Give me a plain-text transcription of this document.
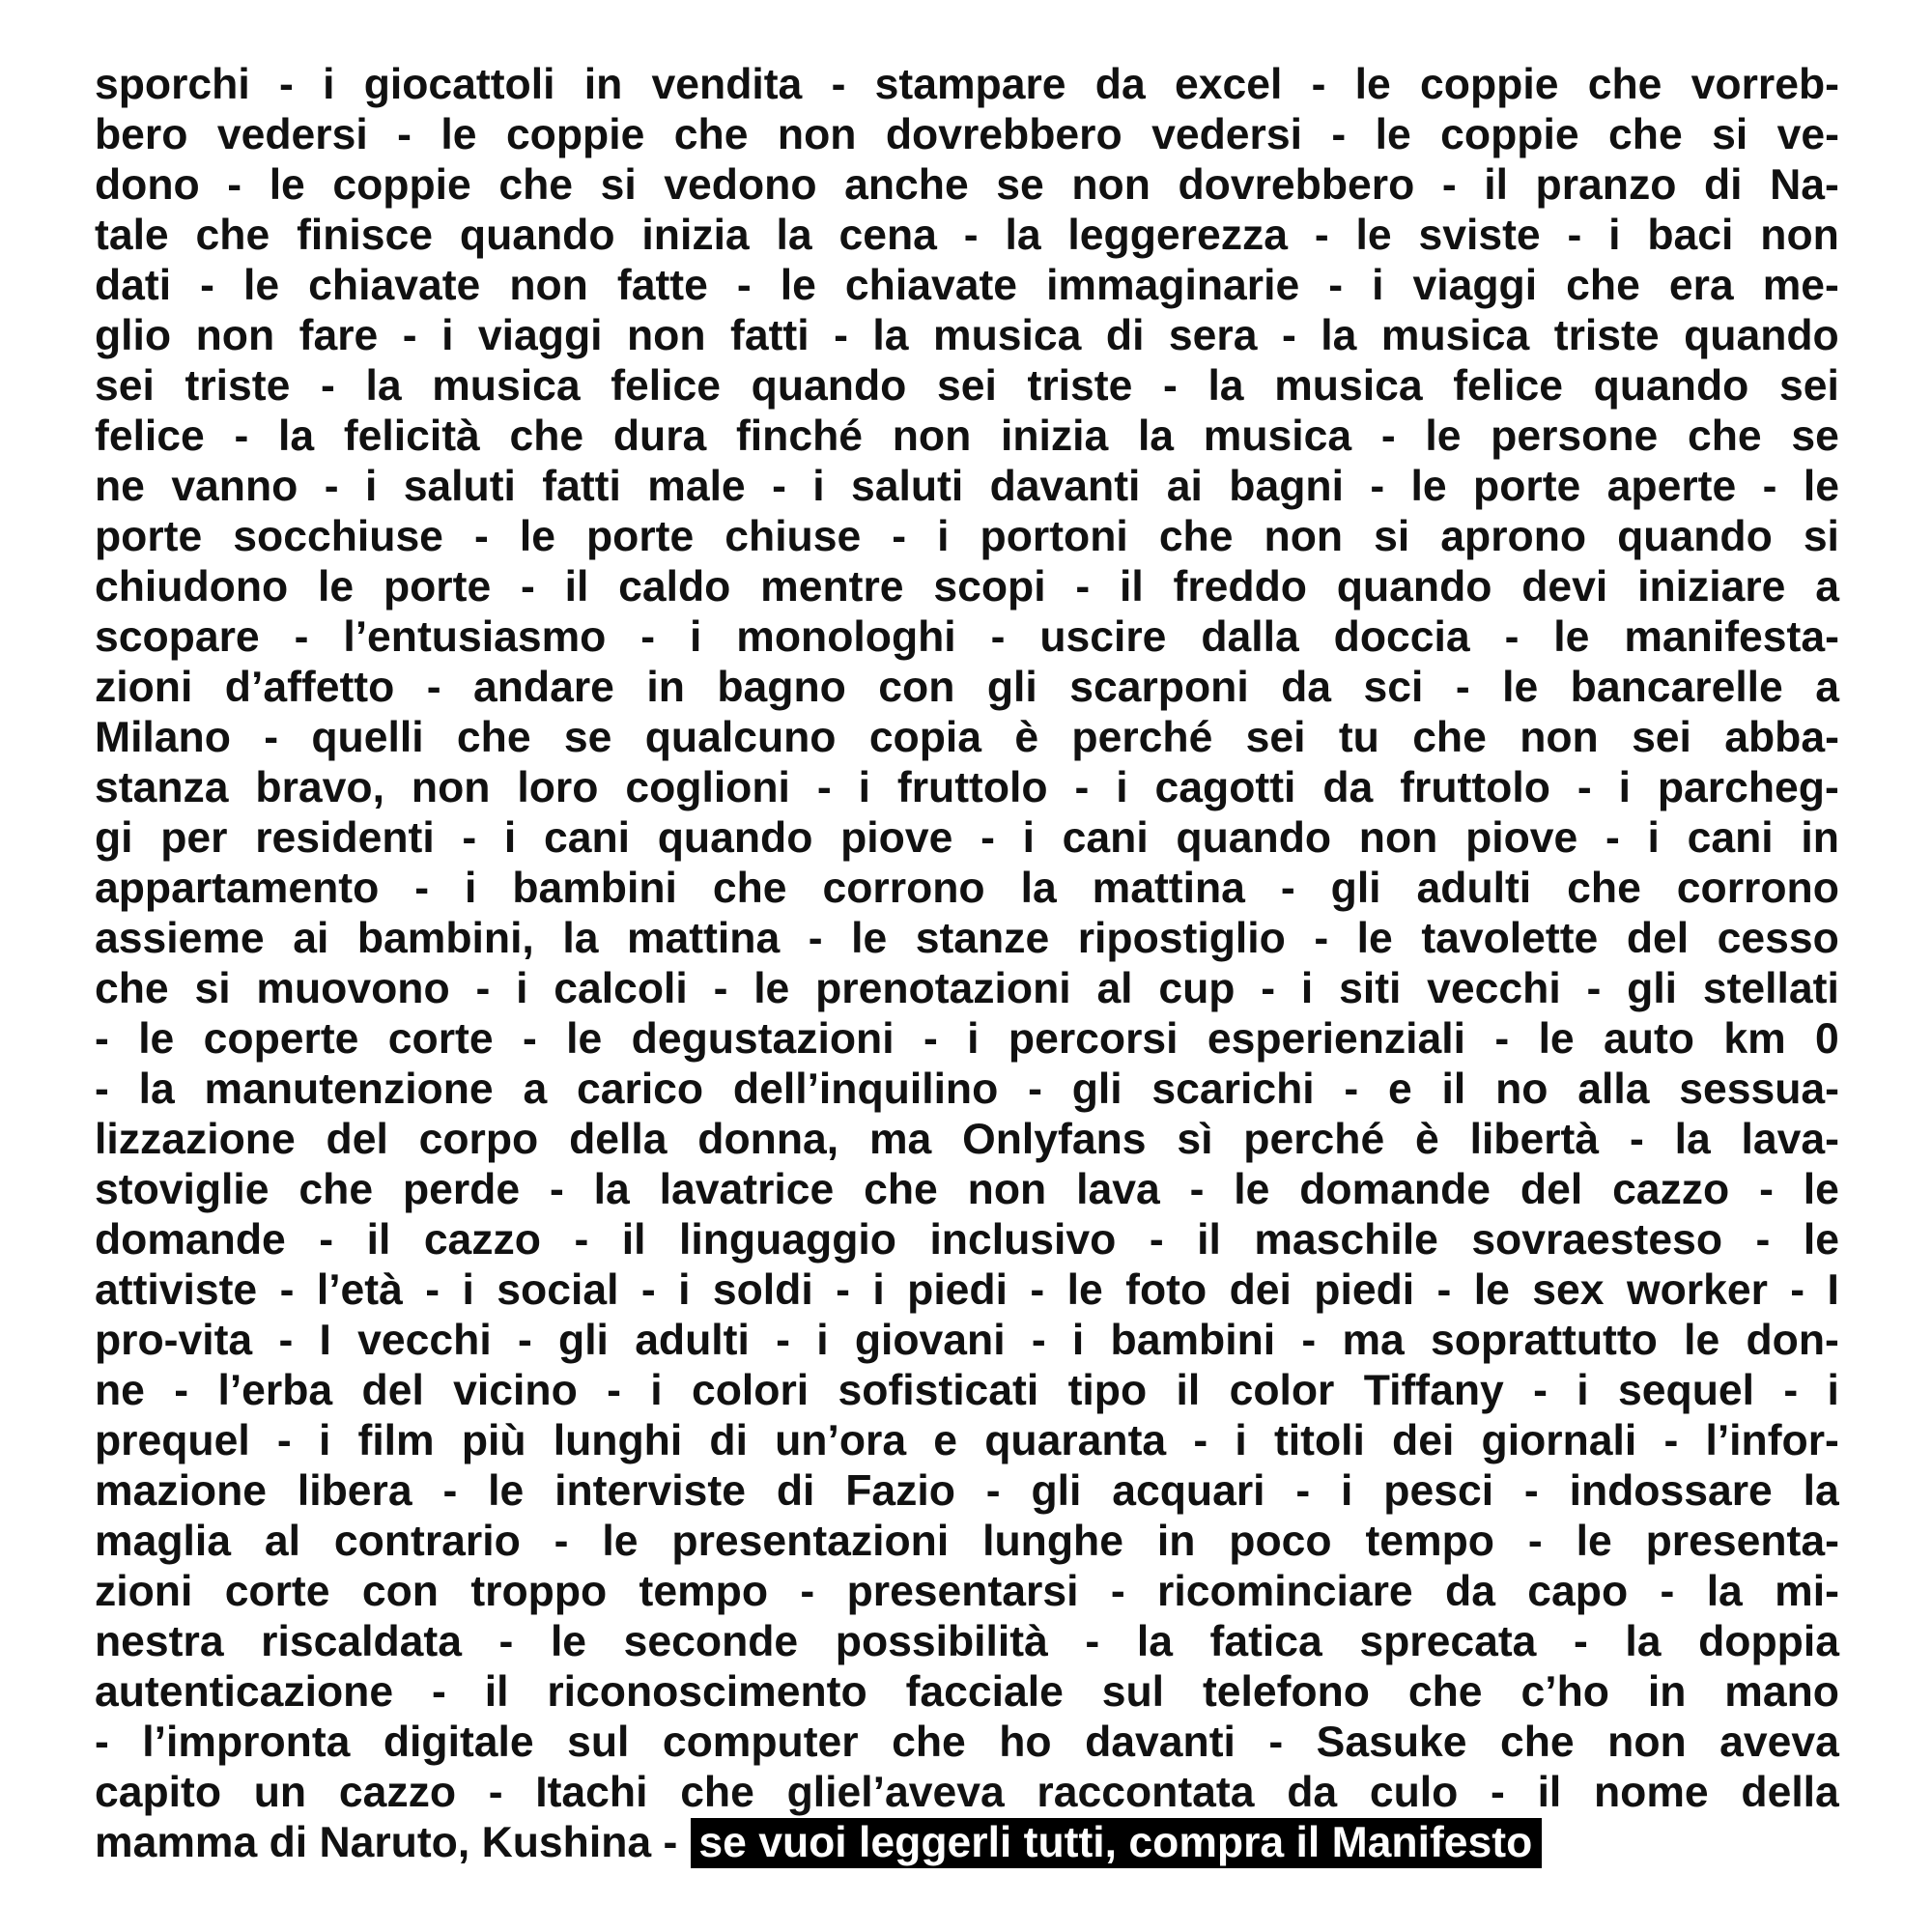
sporchi - i giocattoli in vendita - stampare da excel - le coppie che vorreb-
bero vedersi - le coppie che non dovrebbero vedersi - le coppie che si ve-
dono - le coppie che si vedono anche se non dovrebbero - il pranzo di Na-
tale che finisce quando inizia la cena - la leggerezza - le sviste - i baci non
dati - le chiavate non fatte - le chiavate immaginarie - i viaggi che era me-
glio non fare - i viaggi non fatti - la musica di sera - la musica triste quando
sei triste - la musica felice quando sei triste - la musica felice quando sei
felice - la felicità che dura finché non inizia la musica - le persone che se
ne vanno - i saluti fatti male - i saluti davanti ai bagni - le porte aperte - le
porte socchiuse - le porte chiuse - i portoni che non si aprono quando si
chiudono le porte - il caldo mentre scopi - il freddo quando devi iniziare a
scopare - l’entusiasmo - i monologhi - uscire dalla doccia - le manifesta-
zioni d’affetto - andare in bagno con gli scarponi da sci - le bancarelle a
Milano - quelli che se qualcuno copia è perché sei tu che non sei abba-
stanza bravo, non loro coglioni - i fruttolo - i cagotti da fruttolo - i parcheg-
gi per residenti - i cani quando piove - i cani quando non piove - i cani in
appartamento - i bambini che corrono la mattina - gli adulti che corrono
assieme ai bambini, la mattina - le stanze ripostiglio - le tavolette del cesso
che si muovono - i calcoli - le prenotazioni al cup - i siti vecchi - gli stellati
- le coperte corte - le degustazioni - i percorsi esperienziali - le auto km 0
- la manutenzione a carico dell’inquilino - gli scarichi - e il no alla sessua-
lizzazione del corpo della donna, ma Onlyfans sì perché è libertà - la lava-
stoviglie che perde - la lavatrice che non lava - le domande del cazzo - le
domande - il cazzo - il linguaggio inclusivo - il maschile sovraesteso - le
attiviste - l’età - i social - i soldi - i piedi - le foto dei piedi - le sex worker - I
pro-vita - I vecchi - gli adulti - i giovani - i bambini - ma soprattutto le don-
ne - l’erba del vicino - i colori sofisticati tipo il color Tiffany - i sequel - i
prequel - i film più lunghi di un’ora e quaranta - i titoli dei giornali - l’infor-
mazione libera - le interviste di Fazio - gli acquari - i pesci - indossare la
maglia al contrario - le presentazioni lunghe in poco tempo - le presenta-
zioni corte con troppo tempo - presentarsi - ricominciare da capo - la mi-
nestra riscaldata - le seconde possibilità - la fatica sprecata - la doppia
autenticazione - il riconoscimento facciale sul telefono che c’ho in mano
- l’impronta digitale sul computer che ho davanti - Sasuke che non aveva
capito un cazzo - Itachi che gliel’aveva raccontata da culo - il nome della
mamma di Naruto, Kushina - se vuoi leggerli tutti, compra il Manifesto
